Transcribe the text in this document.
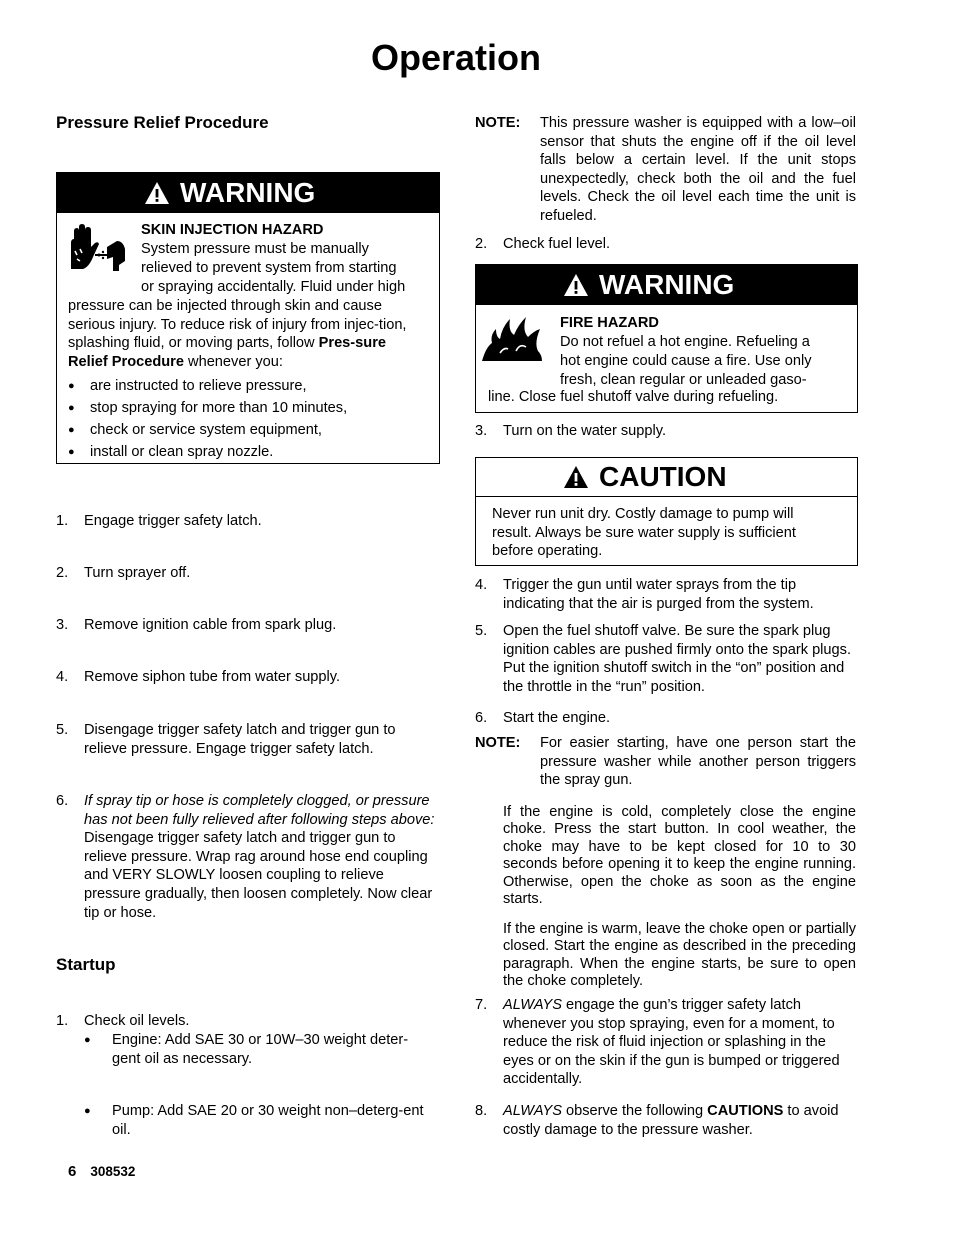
Operation
Pressure Relief Procedure
WARNING
SKIN INJECTION HAZARD
System pressure must be manually
relieved to prevent system from starting
or spraying accidentally. Fluid under high
pressure can be injected through skin and cause serious injury. To reduce risk of injury from injec-tion, splashing fluid, or moving parts, follow Pres-sure Relief Procedure whenever you:
● are instructed to relieve pressure,
● stop spraying for more than 10 minutes,
● check or service system equipment,
● install or clean spray nozzle.
1. Engage trigger safety latch.
2. Turn sprayer off.
3. Remove ignition cable from spark plug.
4. Remove siphon tube from water supply.
5. Disengage trigger safety latch and trigger gun to relieve pressure. Engage trigger safety latch.
6. If spray tip or hose is completely clogged, or pressure has not been fully relieved after following steps above: Disengage trigger safety latch and trigger gun to relieve pressure. Wrap rag around hose end coupling and VERY SLOWLY loosen coupling to relieve pressure gradually, then loosen completely. Now clear tip or hose.
Startup
1. Check oil levels.
● Engine: Add SAE 30 or 10W–30 weight deter-gent oil as necessary.
● Pump: Add SAE 20 or 30 weight non–deterg-ent oil.
NOTE: This pressure washer is equipped with a low–oil sensor that shuts the engine off if the oil level falls below a certain level. If the unit stops unexpectedly, check both the oil and the fuel levels. Check the oil level each time the unit is refueled.
2. Check fuel level.
WARNING
FIRE HAZARD
Do not refuel a hot engine. Refueling a
hot engine could cause a fire. Use only
fresh, clean regular or unleaded gaso-
line. Close fuel shutoff valve during refueling.
3. Turn on the water supply.
CAUTION
Never run unit dry. Costly damage to pump will result. Always be sure water supply is sufficient before operating.
4. Trigger the gun until water sprays from the tip indicating that the air is purged from the system.
5. Open the fuel shutoff valve. Be sure the spark plug ignition cables are pushed firmly onto the spark plugs. Put the ignition shutoff switch in the “on” position and the throttle in the “run” position.
6. Start the engine.
NOTE: For easier starting, have one person start the pressure washer while another person triggers the spray gun.
If the engine is cold, completely close the engine choke. Press the start button. In cool weather, the choke may have to be kept closed for 10 to 30 seconds before opening it to keep the engine running. Otherwise, open the choke as soon as the engine starts.
If the engine is warm, leave the choke open or partially closed. Start the engine as described in the preceding paragraph. When the engine starts, be sure to open the choke completely.
7. ALWAYS engage the gun’s trigger safety latch whenever you stop spraying, even for a moment, to reduce the risk of fluid injection or splashing in the eyes or on the skin if the gun is bumped or triggered accidentally.
8. ALWAYS observe the following CAUTIONS to avoid costly damage to the pressure washer.
6 308532
